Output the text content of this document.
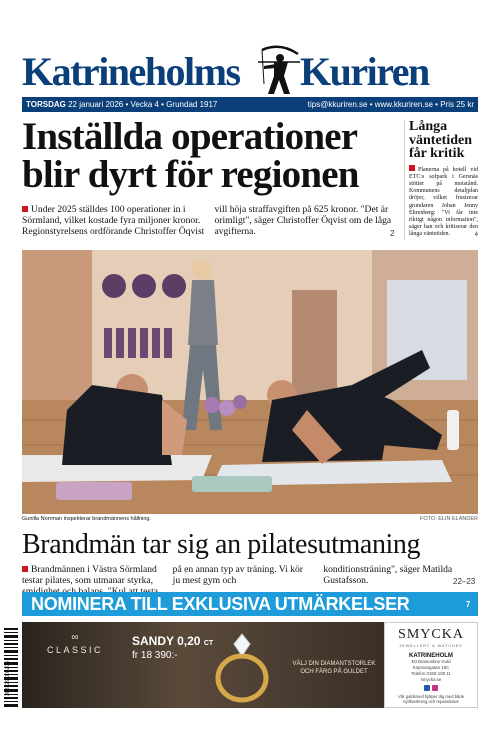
Katrineholms Kuriren
TORSDAG 22 januari 2026 • Vecka 4 • Grundad 1917	tips@kkuriren.se • www.kkuriren.se • Pris 25 kr
Inställda operationer blir dyrt för regionen

Under 2025 ställdes 100 operationer in i Sörmland, vilket kostade fyra miljoner kronor. Regionstyrelsens ordförande Christoffer Öqvist vill höja straffavgiften på 625 kronor. "Det är orimligt", säger Christoffer Öqvist om de låga avgifterna.	2
Långa väntetiden får kritik

Planerna på hotell vid ETC:s sofpark i Gersnäs stötter på motstånd. Kommunens detaljplan dröjer, vilket frustrerar grundaren Johan Jenny Ehrenberg: "Vi får inte riktigt någon information", säger han och kritiserar den långa väntetiden.	4
Gunilla Norrman inspekterar brandmännens hållning.	FOTO: ELIN ELANDER
Brandmän tar sig an pilatesutmaning

Brandmännen i Västra Sörmland testar pilates, som utmanar styrka, på en annan typ av träning. Vi kör ju mest gym och konditionsträning", säger Matilda Gustafsson.	22–23
NOMINERA TILL EXKLUSIVA UTMÄRKELSER	7
7 388129 005205
∞
CLASSIC
SANDY 0,20 CT
fr 18 390:-
VÄLJ DIN DIAMANTSTORLEK
OCH FÄRG PÅ GULDET
SMYCKA
JEWELLERY & WATCHES
KATRINEHOLM
Ett Diamonline Guld
Köpmangatan 18C
Telefon 0150-108 11
smycka.se
Vår guldsmed hjälper dig med både nytillverkning och reparationer
